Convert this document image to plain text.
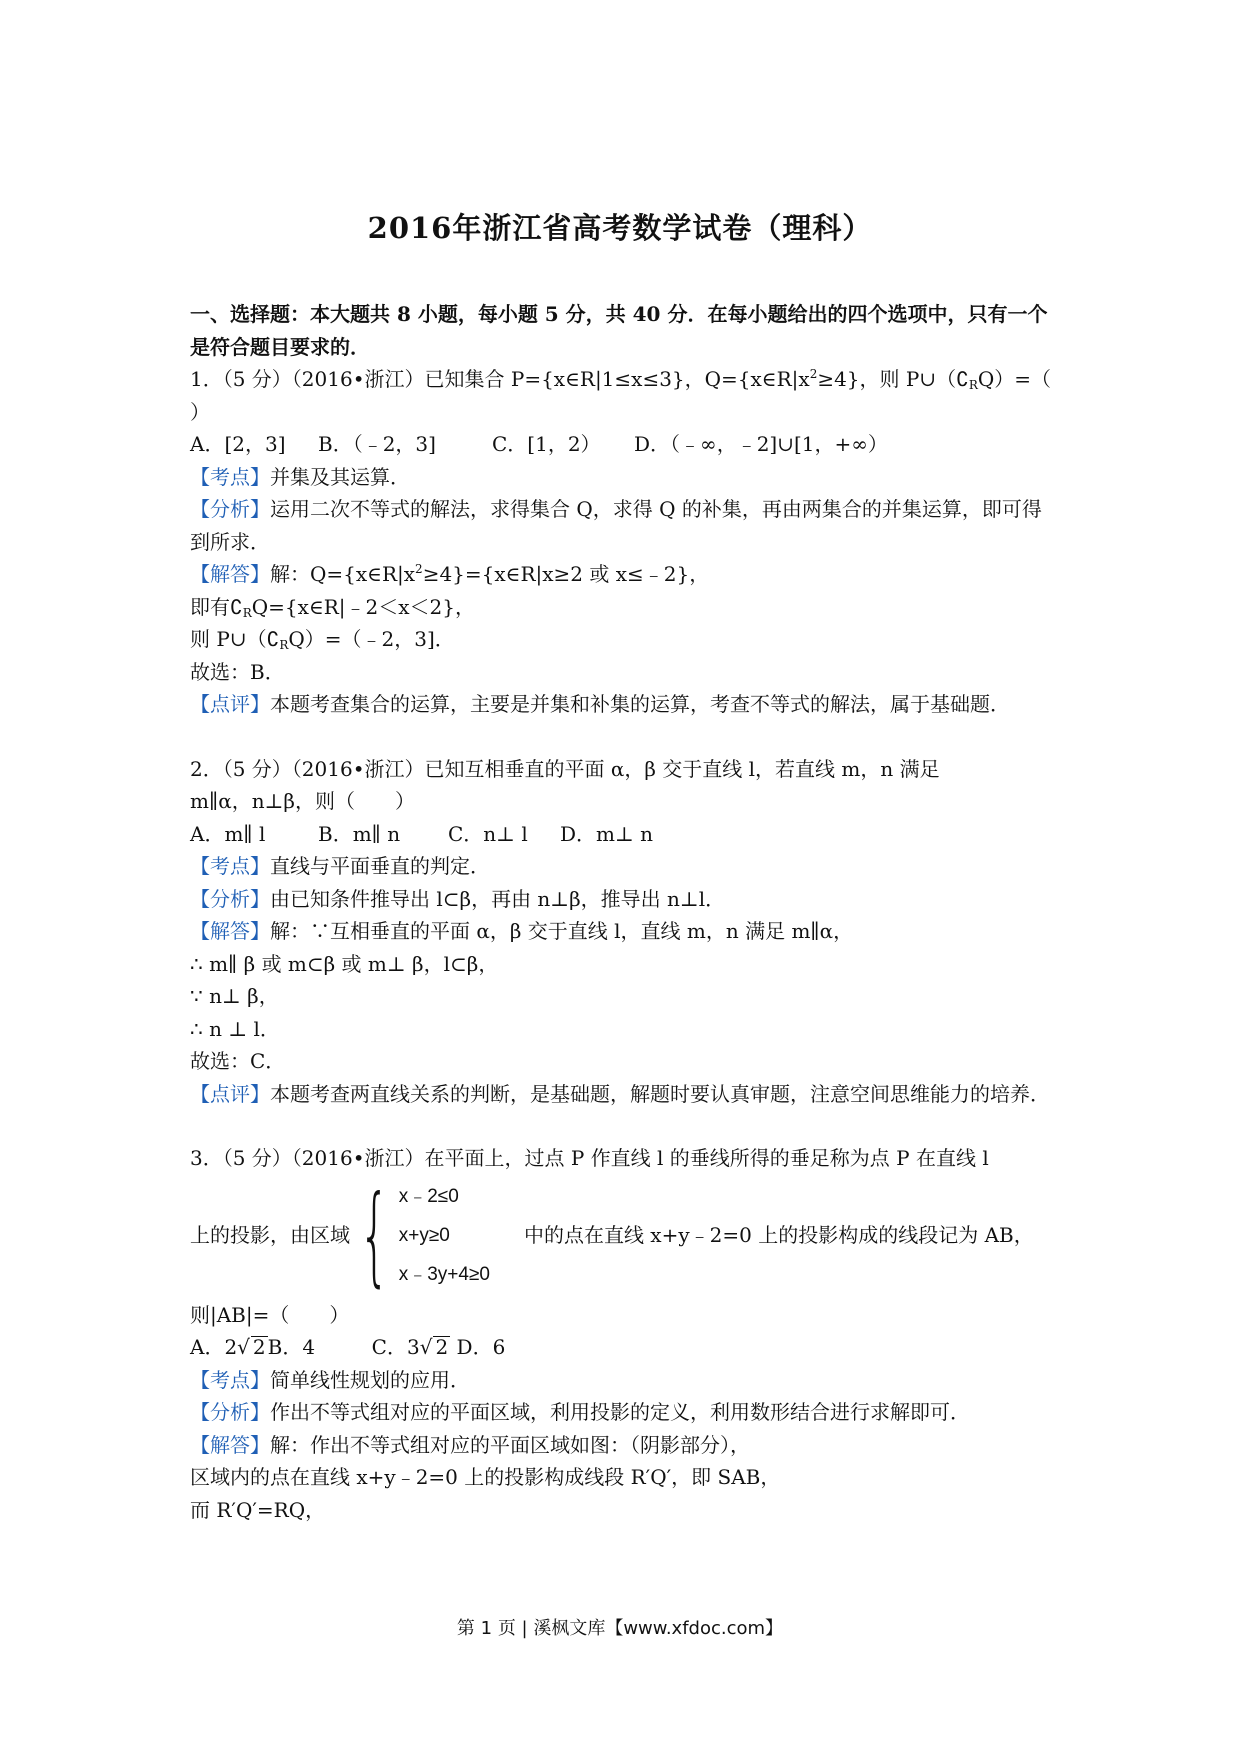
2016年浙江省高考数学试卷（理科）
一、选择题：本大题共 8 小题，每小题 5 分，共 40 分．在每小题给出的四个选项中，只有一个是符合题目要求的．
1．（5 分）（2016•浙江）已知集合 P={x∈R|1≤x≤3}，$Q=\{x\in R|x^2\ge 4\}$，则 $P\cup(∁_RQ)=$（
）
A．[2，3] B．（﹣2，3]	C．[1，2） D．（﹣∞，﹣2]∪[1，+∞）
【考点】并集及其运算．
【分析】运用二次不等式的解法，求得集合 Q，求得 Q 的补集，再由两集合的并集运算，即可得到所求．
【解答】解：$Q=\{x\in R|x^2\ge 4\}=\{x\in R|x\ge 2$ 或 x≤﹣2}，
即有$∁_RQ=\{x\in R|﹣2<x<2\}$，
则 $P\cup(∁_RQ)=(﹣2$，3]．
故选：B．
【点评】本题考查集合的运算，主要是并集和补集的运算，考查不等式的解法，属于基础题．
2．（5 分）（2016•浙江）已知互相垂直的平面 α，β 交于直线 l，若直线 m，n 满足
m∥α，n⊥β，则（　　）
A．m∥ l	B．m∥ n C．n⊥ l D．m⊥ n
【考点】直线与平面垂直的判定．
【分析】由已知条件推导出 l⊂β，再由 n⊥β，推导出 n⊥l．
【解答】解：∵互相垂直的平面 α，β 交于直线 l，直线 m，n 满足 m∥α，
∴ m∥ β 或 m⊂β 或 m⊥ β，l⊂β，
∵ n⊥ β，
∴ n ⊥ l．
故选：C．
【点评】本题考查两直线关系的判断，是基础题，解题时要认真审题，注意空间思维能力的培养．
3．（5 分）（2016•浙江）在平面上，过点 P 作直线 l 的垂线所得的垂足称为点 P 在直线 l
上的投影，由区域 { x﹣2≤0
x+y≥0
x﹣3y+4≥0
中的点在直线 x+y﹣2=0 上的投影构成的线段记为 AB，
则|AB|=（　　）
A．2√ 2 B．4	C．3√ 2 D．6
【考点】简单线性规划的应用．
【分析】作出不等式组对应的平面区域，利用投影的定义，利用数形结合进行求解即可．
【解答】解：作出不等式组对应的平面区域如图：（阴影部分），
区域内的点在直线 x+y﹣2=0 上的投影构成线段 R′Q′，即 SAB，
而 R′Q′=RQ，
第 1 页 | 溪枫文库【www.xfdoc.com】
